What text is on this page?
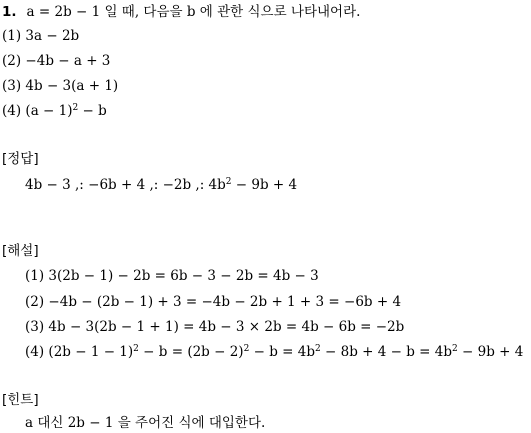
1. a = 2b − 1 일 때, 다음을 b 에 관한 식으로 나타내어라.
(1) 3a − 2b
(2) −4b − a + 3
(3) 4b − 3(a + 1)
(4) $(a - 1)^2 - b$
[정답]
4b − 3 ,: −6b + 4 ,: −2b ,: $4b^2 - 9b + 4$
[해설]
(1) 3(2b − 1) − 2b = 6b − 3 − 2b = 4b − 3
(2) −4b − (2b − 1) + 3 = −4b − 2b + 1 + 3 = −6b + 4
(3) 4b − 3(2b − 1 + 1) = 4b − 3 × 2b = 4b − 6b = −2b
(4) $(2b - 1 - 1)^2 - b = (2b - 2)^2 - b = 4b^2 - 8b + 4 - b = 4b^2 - 9b + 4$
[힌트]
a 대신 2b − 1 을 주어진 식에 대입한다.
